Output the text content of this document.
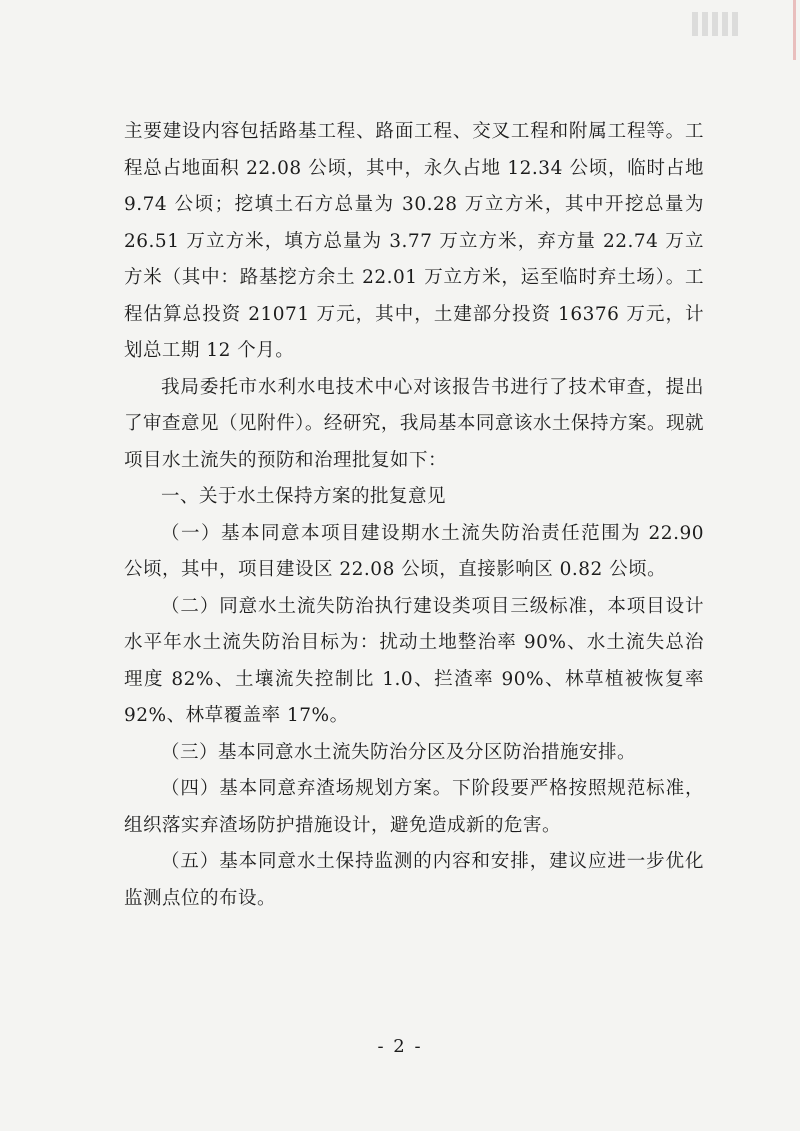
主要建设内容包括路基工程、路面工程、交叉工程和附属工程等。工程总占地面积 22.08 公顷，其中，永久占地 12.34 公顷，临时占地 9.74 公顷；挖填土石方总量为 30.28 万立方米，其中开挖总量为 26.51 万立方米，填方总量为 3.77 万立方米，弃方量 22.74 万立方米（其中：路基挖方余土 22.01 万立方米，运至临时弃土场）。工程估算总投资 21071 万元，其中，土建部分投资 16376 万元，计划总工期 12 个月。

我局委托市水利水电技术中心对该报告书进行了技术审查，提出了审查意见（见附件）。经研究，我局基本同意该水土保持方案。现就项目水土流失的预防和治理批复如下：

一、关于水土保持方案的批复意见

（一）基本同意本项目建设期水土流失防治责任范围为 22.90 公顷，其中，项目建设区 22.08 公顷，直接影响区 0.82 公顷。

（二）同意水土流失防治执行建设类项目三级标准，本项目设计水平年水土流失防治目标为：扰动土地整治率 90%、水土流失总治理度 82%、土壤流失控制比 1.0、拦渣率 90%、林草植被恢复率 92%、林草覆盖率 17%。

（三）基本同意水土流失防治分区及分区防治措施安排。

（四）基本同意弃渣场规划方案。下阶段要严格按照规范标准，组织落实弃渣场防护措施设计，避免造成新的危害。

（五）基本同意水土保持监测的内容和安排，建议应进一步优化监测点位的布设。

- 2 -
